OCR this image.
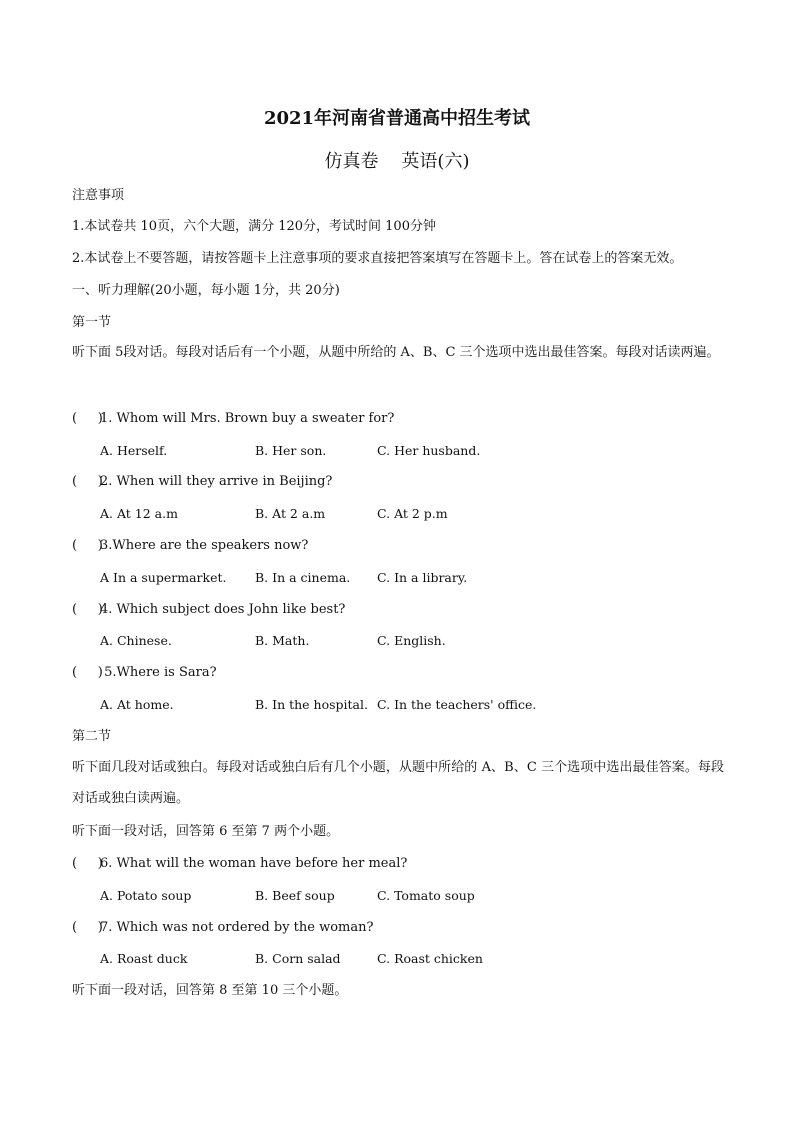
2021年河南省普通高中招生考试
仿真卷    英语(六)
注意事项
1.本试卷共 10页，六个大题，满分 120分，考试时间 100分钟
2.本试卷上不要答题，请按答题卡上注意事项的要求直接把答案填写在答题卡上。答在试卷上的答案无效。
一、听力理解(20小题，每小题 1分，共 20分)
第一节
听下面 5段对话。每段对话后有一个小题，从题中所给的 A、B、C 三个选项中选出最佳答案。每段对话读两遍。
(     )1. Whom will Mrs. Brown buy a sweater for?
A. Herself.	B. Her son.	C. Her husband.
(     )2. When will they arrive in Beijing?
A. At 12 a.m	B. At 2 a.m	C. At 2 p.m
(     )3.Where are the speakers now?
A In a supermarket. B. In a cinema. C. In a library.
(     )4. Which subject does John like best?
A. Chinese.	B. Math.	C. English.
(     ) 5.Where is Sara?
A. At home.	B. In the hospital. C. In the teachers' office.
第二节
听下面几段对话或独白。每段对话或独白后有几个小题，从题中所给的 A、B、C 三个选项中选出最佳答案。每段对话或独白读两遍。
听下面一段对话，回答第 6 至第 7 两个小题。
(     )6. What will the woman have before her meal?
A. Potato soup	B. Beef soup	C. Tomato soup
(     )7. Which was not ordered by the woman?
A. Roast duck	B. Corn salad	C. Roast chicken
听下面一段对话，回答第 8 至第 10 三个小题。
